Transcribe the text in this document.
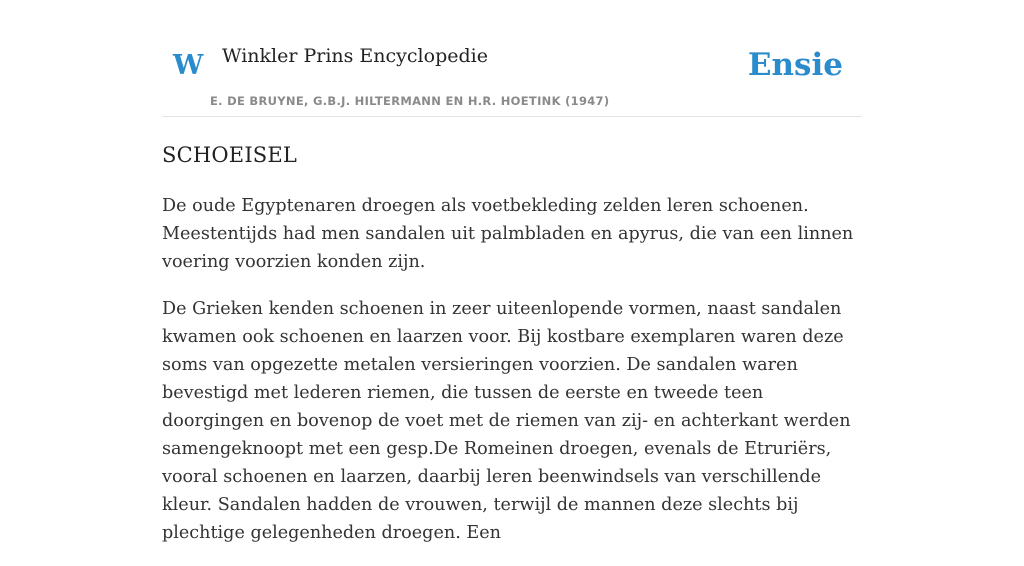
W Winkler Prins Encyclopedie
E. DE BRUYNE, G.B.J. HILTERMANN EN H.R. HOETINK (1947)
Ensie
SCHOEISEL

De oude Egyptenaren droegen als voetbekleding zelden leren schoenen. Meestentijds had men sandalen uit palmbladen en apyrus, die van een linnen voering voorzien konden zijn.

De Grieken kenden schoenen in zeer uiteenlopende vormen, naast sandalen kwamen ook schoenen en laarzen voor. Bij kostbare exemplaren waren deze soms van opgezette metalen versieringen voorzien. De sandalen waren bevestigd met lederen riemen, die tussen de eerste en tweede teen doorgingen en bovenop de voet met de riemen van zij- en achterkant werden samengeknoopt met een gesp.De Romeinen droegen, evenals de Etruriërs, vooral schoenen en laarzen, daarbij leren beenwindsels van verschillende kleur. Sandalen hadden de vrouwen, terwijl de mannen deze slechts bij plechtige gelegenheden droegen. Een
